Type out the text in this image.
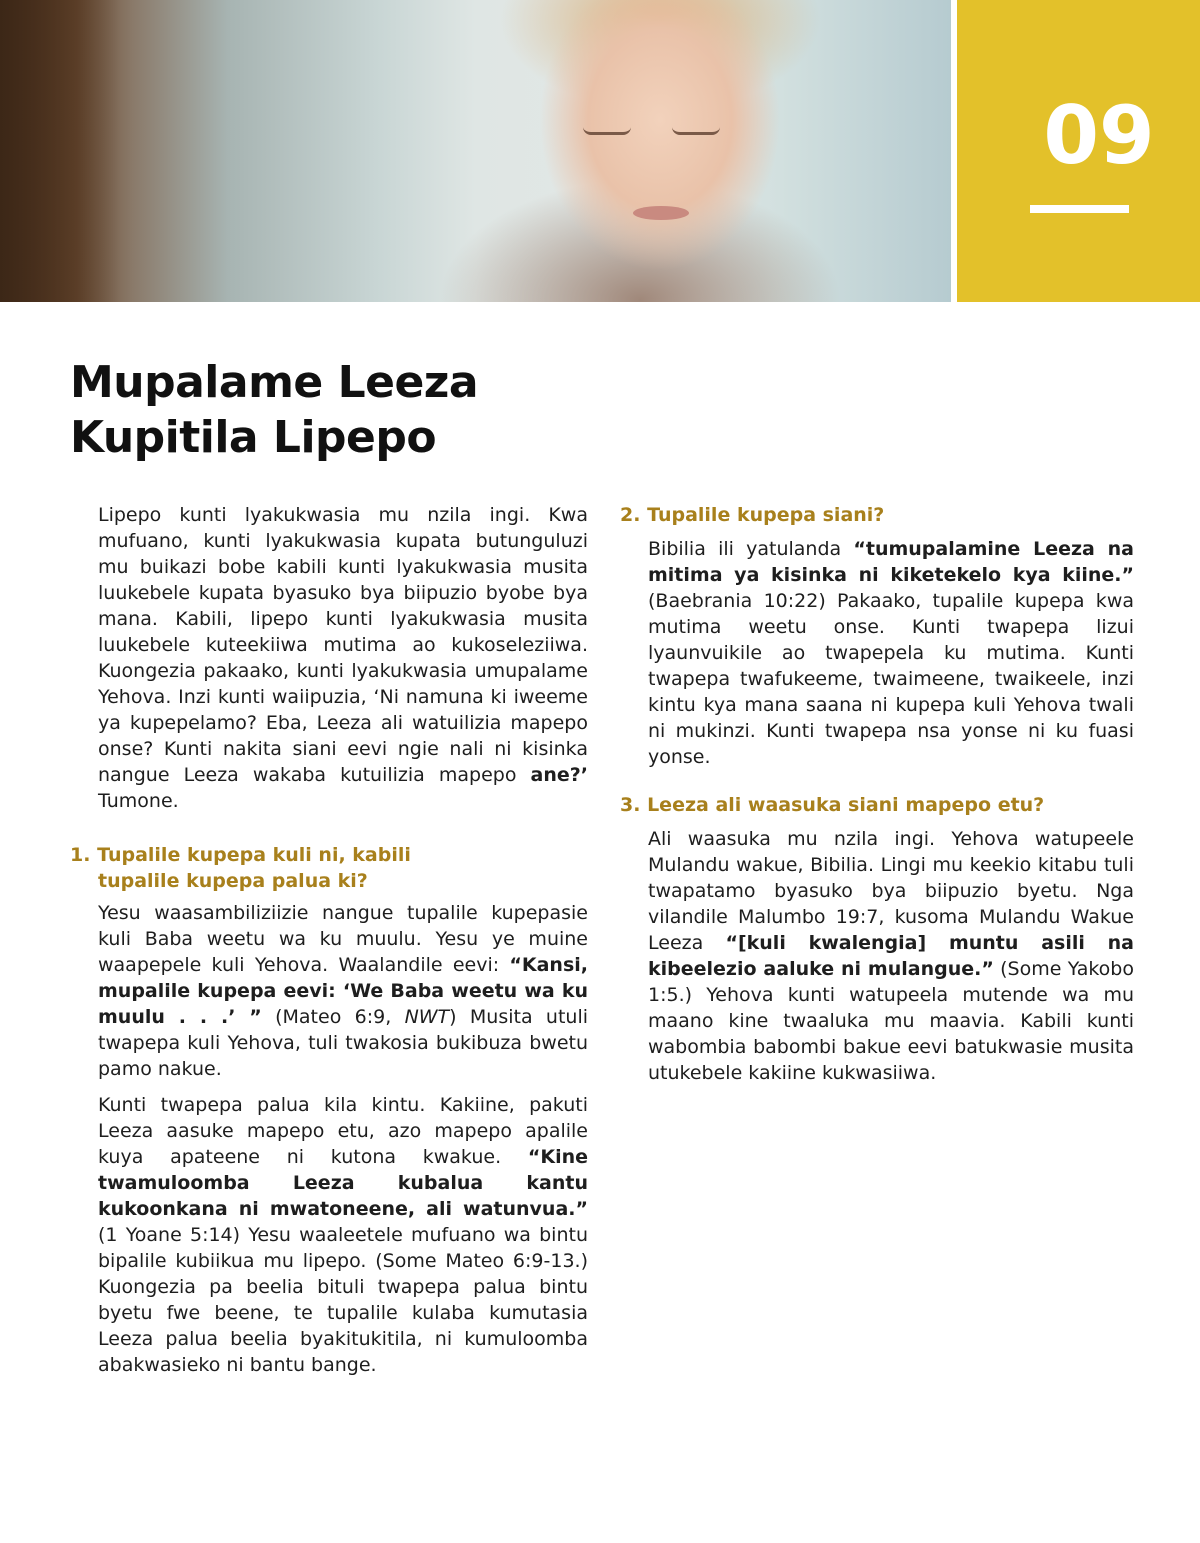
09
Mupalame Leeza
Kupitila Lipepo

Lipepo kunti lyakukwasia mu nzila ingi. Kwa mufuano, kunti lyakukwasia kupata butunguluzi mu buikazi bobe kabili kunti lyakukwasia musita luukebele kupata byasuko bya biipuzio byobe bya mana. Kabili, lipepo kunti lyakukwasia musita luukebele kuteekiiwa mutima ao kukoseleziiwa. Kuongezia pakaako, kunti lyakukwasia umupalame Yehova. Inzi kunti waiipuzia, ‘Ni namuna ki iweeme ya kupepelamo? Eba, Leeza ali watuilizia mapepo onse? Kunti nakita siani eevi ngie nali ni kisinka nangue Leeza wakaba kutuilizia mapepo ane?’ Tumone.

1. Tupalile kupepa kuli ni, kabili
tupalile kupepa palua ki?

Yesu waasambiliziizie nangue tupalile kupepasie kuli Baba weetu wa ku muulu. Yesu ye muine waapepele kuli Yehova. Waalandile eevi: “Kansi, mupalile kupepa eevi: ‘We Baba weetu wa ku muulu . . .’ ” (Mateo 6:9, NWT) Musita utuli twapepa kuli Yehova, tuli twakosia bukibuza bwetu pamo nakue.

Kunti twapepa palua kila kintu. Kakiine, pakuti Leeza aasuke mapepo etu, azo mapepo apalile kuya apateene ni kutona kwakue. “Kine twamuloomba Leeza kubalua kantu kukoonkana ni mwatoneene, ali watunvua.” (1 Yoane 5:14) Yesu waaleetele mufuano wa bintu bipalile kubiikua mu lipepo. (Some Mateo 6:9-13.) Kuongezia pa beelia bituli twapepa palua bintu byetu fwe beene, te tupalile kulaba kumutasia Leeza palua beelia byakitukitila, ni kumuloomba abakwasieko ni bantu bange.

2. Tupalile kupepa siani?

Bibilia ili yatulanda “tumupalamine Leeza na mitima ya kisinka ni kiketekelo kya kiine.” (Baebrania 10:22) Pakaako, tupalile kupepa kwa mutima weetu onse. Kunti twapepa lizui lyaunvuikile ao twapepela ku mutima. Kunti twapepa twafukeeme, twaimeene, twaikeele, inzi kintu kya mana saana ni kupepa kuli Yehova twali ni mukinzi. Kunti twapepa nsa yonse ni ku fuasi yonse.

3. Leeza ali waasuka siani mapepo etu?

Ali waasuka mu nzila ingi. Yehova watupeele Mulandu wakue, Bibilia. Lingi mu keekio kitabu tuli twapatamo byasuko bya biipuzio byetu. Nga vilandile Malumbo 19:7, kusoma Mulandu Wakue Leeza “[kuli kwalengia] muntu asili na kibeelezio aaluke ni mulangue.” (Some Yakobo 1:5.) Yehova kunti watupeela mutende wa mu maano kine twaaluka mu maavia. Kabili kunti wabombia babombi bakue eevi batukwasie musita utukebele kakiine kukwasiiwa.
